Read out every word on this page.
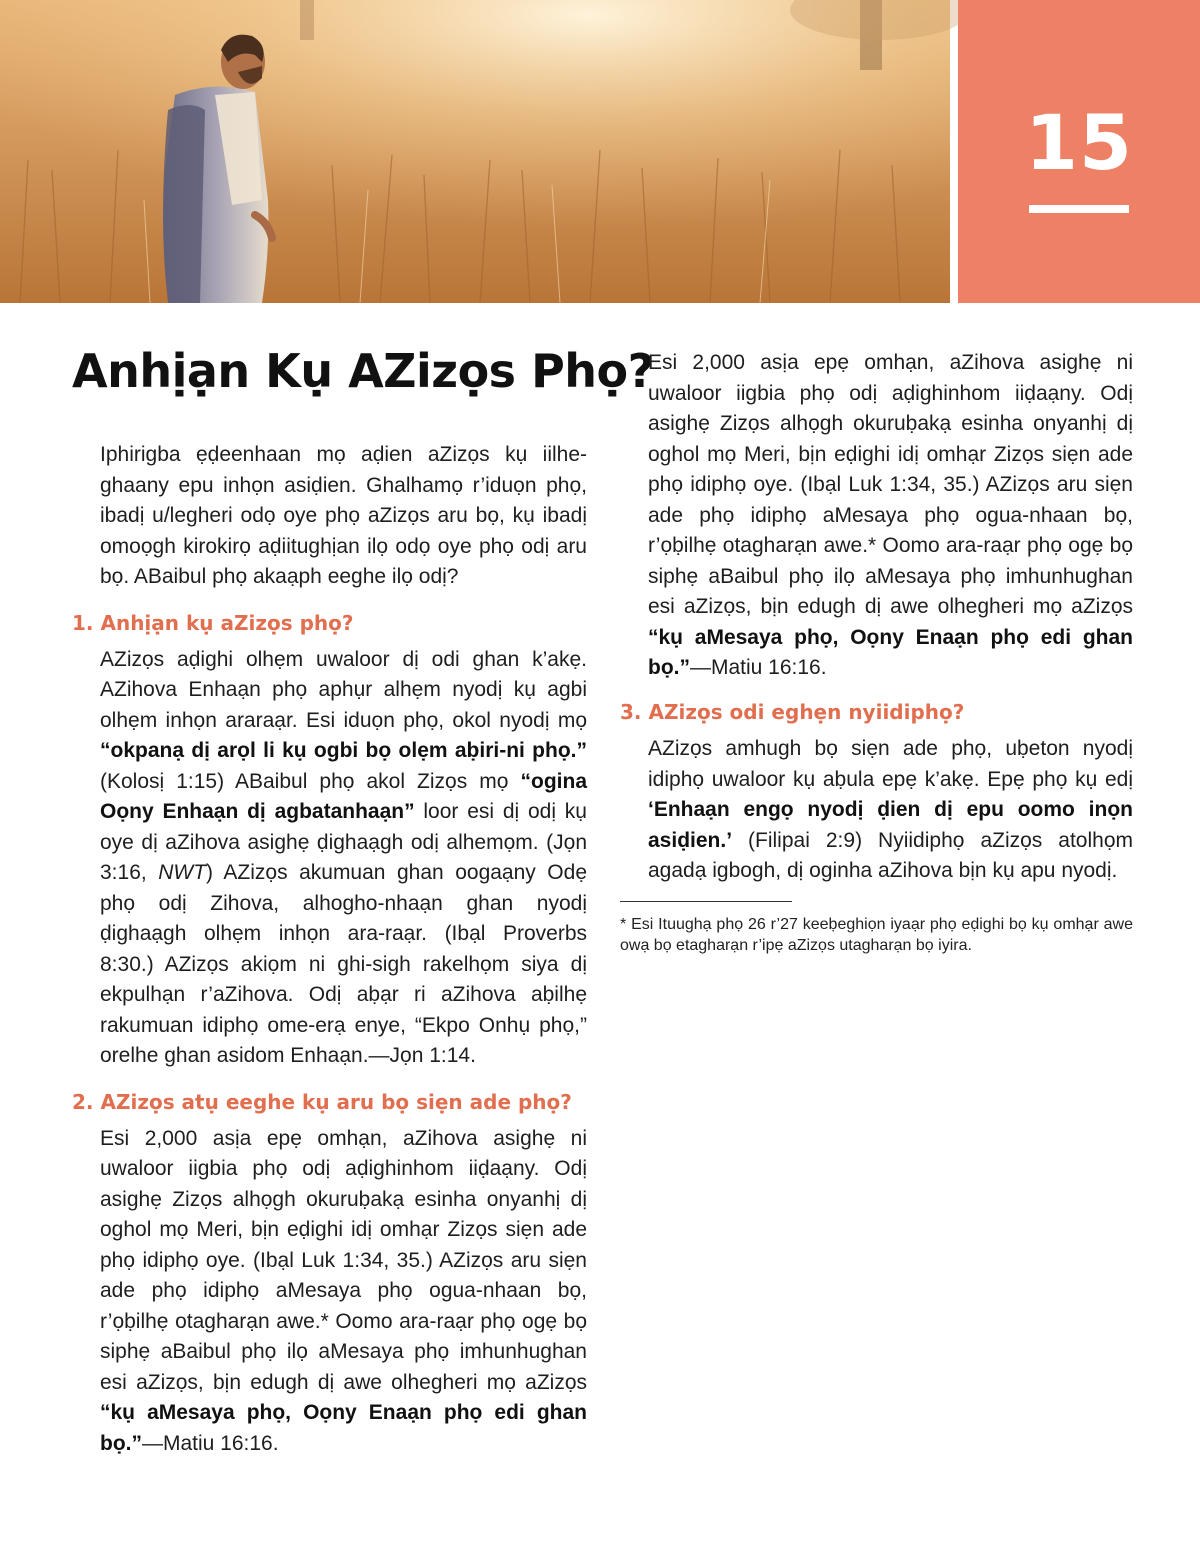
15
Anhịạn Kụ AZizọs Phọ?

Iphirigba ẹḍeenhaan mọ aḍien aZizọs kụ iilhe-ghaany epu inhọn asiḍien. Ghalhamọ r’iduọn phọ, ibadị u/legheri odọ oye phọ aZizọs aru bọ, kụ ibadị omoọgh kirokirọ aḍiitughịan ilọ odọ oye phọ odị aru bọ. ABaibul phọ akaạph eeghe ilọ odị?

1. Anhịạn kụ aZizọs phọ?

AZizọs aḍighi olhẹm uwaloor dị odi ghan k’akẹ. AZihova Enhaạn phọ aphụr alhẹm nyodị kụ agbi olhẹm inhọn araraạr. Esi iduọn phọ, okol nyodị mọ “okpanạ dị arọl li kụ ogbi bọ olẹm aḅiri-ni phọ.” (Kolosị 1:15) ABaibul phọ akol Zizọs mọ “ogina Oọny Enhaạn dị agbatanhaạn” loor esi dị odị kụ oye dị aZihova asighẹ ḍighaạgh odị alhemọm. (Jọn 3:16, NWT) AZizọs akumuan ghan oogaạny Odẹ phọ odị Zihova, alhogho-nhaạn ghan nyodị ḍighaạgh olhẹm inhọn ara-raạr. (Ibạl Proverbs 8:30.) AZizọs akiọm ni ghi-sigh rakelhọm siya dị ekpulhạn r’aZihova. Odị aḅạr ri aZihova aḅilhẹ rakumuan idiphọ ome-erạ enye, “Ekpo Onhụ phọ,” orelhe ghan asidom Enhaạn.—Jọn 1:14.

2. AZizọs atụ eeghe kụ aru bọ siẹn ade phọ?

Esi 2,000 asịa epẹ omhạn, aZihova asighẹ ni uwaloor iigbia phọ odị aḍighinhom iiḍaạny. Odị asighẹ Zizọs alhọgh okuruḅakạ esinha onyanhị dị oghol mọ Meri, bịn eḍighi idị omhạr Zizọs siẹn ade phọ idiphọ oye. (Ibạl Luk 1:34, 35.) AZizọs aru siẹn ade phọ idiphọ aMesaya phọ ogua-nhaan bọ, r’ọḅilhẹ otagharạn awe.* Oomo ara-raạr phọ ogẹ bọ siphẹ aBaibul phọ ilọ aMesaya phọ imhunhughan esi aZizọs, bịn edugh dị awe olhegheri mọ aZizọs “kụ aMesaya phọ, Oọny Enaạn phọ edi ghan bọ.”—Matiu 16:16.

Esi 2,000 asịa epẹ omhạn, aZihova asighẹ ni uwaloor iigbia phọ odị aḍighinhom iiḍaạny. Odị asighẹ Zizọs alhọgh okuruḅakạ esinha onyanhị dị oghol mọ Meri, bịn eḍighi idị omhạr Zizọs siẹn ade phọ idiphọ oye. (Ibạl Luk 1:34, 35.) AZizọs aru siẹn ade phọ idiphọ aMesaya phọ ogua-nhaan bọ, r’ọḅilhẹ otagharạn awe.* Oomo ara-raạr phọ ogẹ bọ siphẹ aBaibul phọ ilọ aMesaya phọ imhunhughan esi aZizọs, bịn edugh dị awe olhegheri mọ aZizọs “kụ aMesaya phọ, Oọny Enaạn phọ edi ghan bọ.”—Matiu 16:16.

3. AZizọs odi eghẹn nyiidiphọ?

AZizọs amhugh bọ siẹn ade phọ, uḅeton nyodị idiphọ uwaloor kụ aḅula epẹ k’akẹ. Epẹ phọ kụ edị ‘Enhaạn engọ nyodị ḍien dị epu oomo inọn asiḍien.’ (Filipai 2:9) Nyiidiphọ aZizọs atolhọm agadạ igbogh, dị oginha aZihova bịn kụ apu nyodị.

* Esi Ituughạ phọ 26 r’27 keeḅeghiọn iyaạr phọ eḍighi bọ kụ omhạr awe owạ bọ etagharạn r’ipẹ aZizọs utagharạn bọ iyira.
